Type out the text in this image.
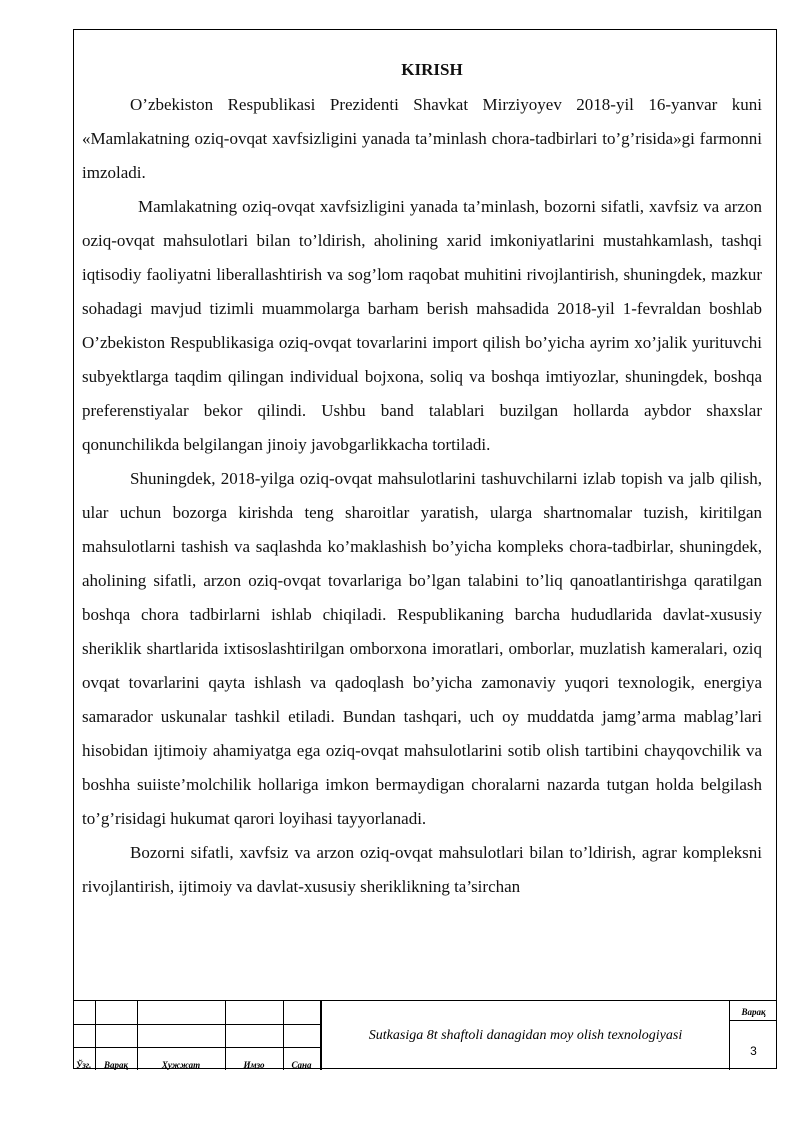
KIRISH

O’zbekiston Respublikasi Prezidenti Shavkat Mirziyoyev 2018-yil 16-yanvar kuni «Mamlakatning oziq-ovqat xavfsizligini yanada ta’minlash chora-tadbirlari to’g’risida»gi farmonni imzoladi.

Mamlakatning oziq-ovqat xavfsizligini yanada ta’minlash, bozorni sifatli, xavfsiz va arzon oziq-ovqat mahsulotlari bilan to’ldirish, aholining xarid imkoniyatlarini mustahkamlash, tashqi iqtisodiy faoliyatni liberallashtirish va sog’lom raqobat muhitini rivojlantirish, shuningdek, mazkur sohadagi mavjud tizimli muammolarga barham berish mahsadida 2018-yil 1-fevraldan boshlab O’zbekiston Respublikasiga oziq-ovqat tovarlarini import qilish bo’yicha ayrim xo’jalik yurituvchi subyektlarga taqdim qilingan individual bojxona, soliq va boshqa imtiyozlar, shuningdek, boshqa preferenstiyalar bekor qilindi. Ushbu band talablari buzilgan hollarda aybdor shaxslar qonunchilikda belgilangan jinoiy javobgarlikkacha tortiladi.

Shuningdek, 2018-yilga oziq-ovqat mahsulotlarini tashuvchilarni izlab topish va jalb qilish, ular uchun bozorga kirishda teng sharoitlar yaratish, ularga shartnomalar tuzish, kiritilgan mahsulotlarni tashish va saqlashda ko’maklashish bo’yicha kompleks chora-tadbirlar, shuningdek, aholining sifatli, arzon oziq-ovqat tovarlariga bo’lgan talabini to’liq qanoatlantirishga qaratilgan boshqa chora tadbirlarni ishlab chiqiladi. Respublikaning barcha hududlarida davlat-xususiy sheriklik shartlarida ixtisoslashtirilgan omborxona imoratlari, omborlar, muzlatish kameralari, oziq ovqat tovarlarini qayta ishlash va qadoqlash bo’yicha zamonaviy yuqori texnologik, energiya samarador uskunalar tashkil etiladi. Bundan tashqari, uch oy muddatda jamg’arma mablag’lari hisobidan ijtimoiy ahamiyatga ega oziq-ovqat mahsulotlarini sotib olish tartibini chayqovchilik va boshha suiiste’molchilik hollariga imkon bermaydigan choralarni nazarda tutgan holda belgilash to’g’risidagi hukumat qarori loyihasi tayyorlanadi.

Bozorni sifatli, xavfsiz va arzon oziq-ovqat mahsulotlari bilan to’ldirish, agrar kompleksni rivojlantirish, ijtimoiy va davlat-xususiy sheriklikning ta’sirchan

Ўзг.	Варақ	Хужжат	Имзо	Сана
Sutkasiga 8t shaftoli danagidan moy olish texnologiyasi
Варақ
3
